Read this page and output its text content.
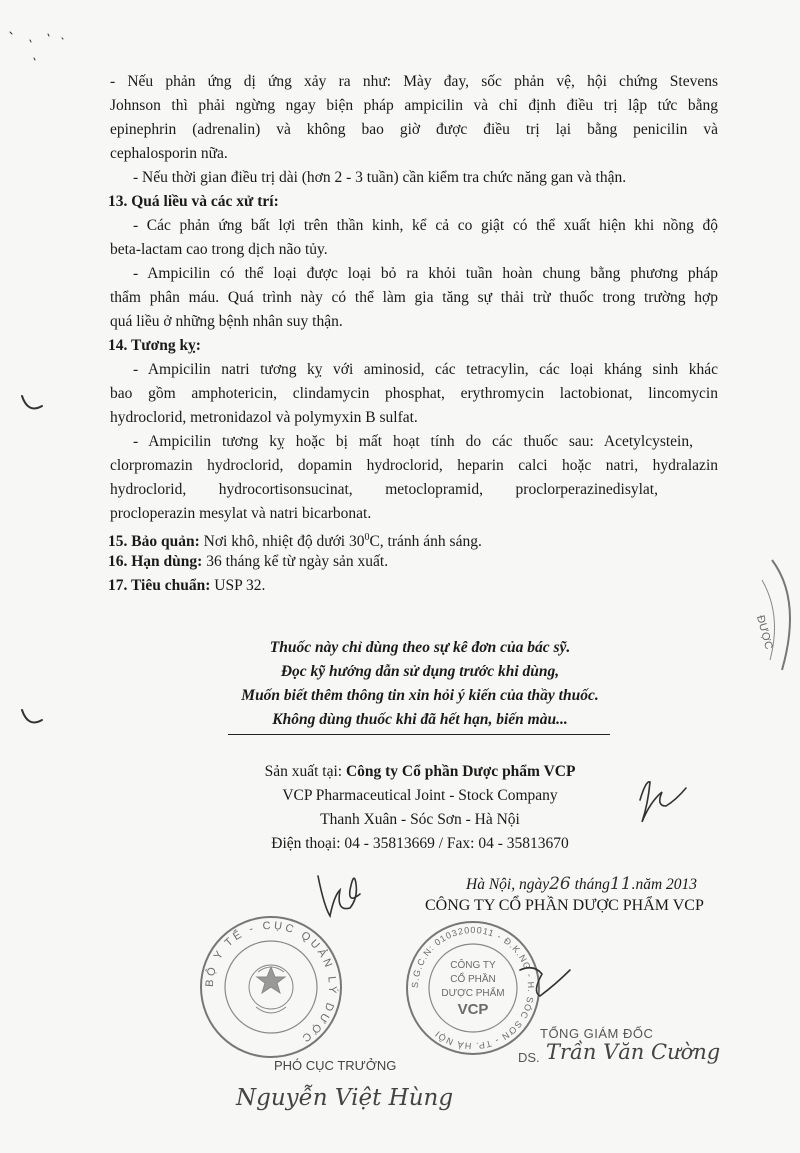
- Nếu phản ứng dị ứng xảy ra như: Mày đay, sốc phản vệ, hội chứng Stevens
Johnson thì phải ngừng ngay biện pháp ampicilin và chỉ định điều trị lập tức bằng
epinephrin (adrenalin) và không bao giờ được điều trị lại bằng penicilin và
cephalosporin nữa.
- Nếu thời gian điều trị dài (hơn 2 - 3 tuần) cần kiểm tra chức năng gan và thận.
13. Quá liều và các xử trí:
- Các phản ứng bất lợi trên thần kinh, kể cả co giật có thể xuất hiện khi nồng độ
beta-lactam cao trong dịch não tủy.
- Ampicilin có thể loại được loại bỏ ra khỏi tuần hoàn chung bằng phương pháp
thẩm phân máu. Quá trình này có thể làm gia tăng sự thải trừ thuốc trong trường hợp
quá liều ở những bệnh nhân suy thận.
14. Tương kỵ:
- Ampicilin natri tương kỵ với aminosid, các tetracylin, các loại kháng sinh khác
bao gồm amphotericin, clindamycin phosphat, erythromycin lactobionat, lincomycin
hydroclorid, metronidazol và polymyxin B sulfat.
- Ampicilin tương kỵ hoặc bị mất hoạt tính do các thuốc sau: Acetylcystein,
clorpromazin hydroclorid, dopamin hydroclorid, heparin calci hoặc natri, hydralazin
hydroclorid, hydrocortisonsucinat, metoclopramid, proclorperazinedisylat,
procloperazin mesylat và natri bicarbonat.
15. Bảo quản: Nơi khô, nhiệt độ dưới $30^0C$, tránh ánh sáng.
16. Hạn dùng: 36 tháng kể từ ngày sản xuất.
17. Tiêu chuẩn: USP 32.
Thuốc này chỉ dùng theo sự kê đơn của bác sỹ.
Đọc kỹ hướng dẫn sử dụng trước khi dùng,
Muốn biết thêm thông tin xin hỏi ý kiến của thầy thuốc.
Không dùng thuốc khi đã hết hạn, biến màu...
Sản xuất tại: Công ty Cổ phần Dược phẩm VCP
VCP Pharmaceutical Joint - Stock Company
Thanh Xuân - Sóc Sơn - Hà Nội
Điện thoại: 04 - 35813669 / Fax: 04 - 35813670
Hà Nội, ngày26 tháng11.năm 2013
CÔNG TY CỔ PHẦN DƯỢC PHẨM VCP
TỔNG GIÁM ĐỐC
DS. Trần Văn Cường
PHÓ CỤC TRƯỞNG
Nguyễn Việt Hùng
BỘ Y TẾ - CỤC QUẢN LÝ DƯỢC
S.G.C.N: 0103200011 - Đ.K.NG - H. SÓC SƠN - TP. HÀ NỘI
CÔNG TY
CỔ PHẦN
DƯỢC PHẨM
VCP
ĐƯỢC
